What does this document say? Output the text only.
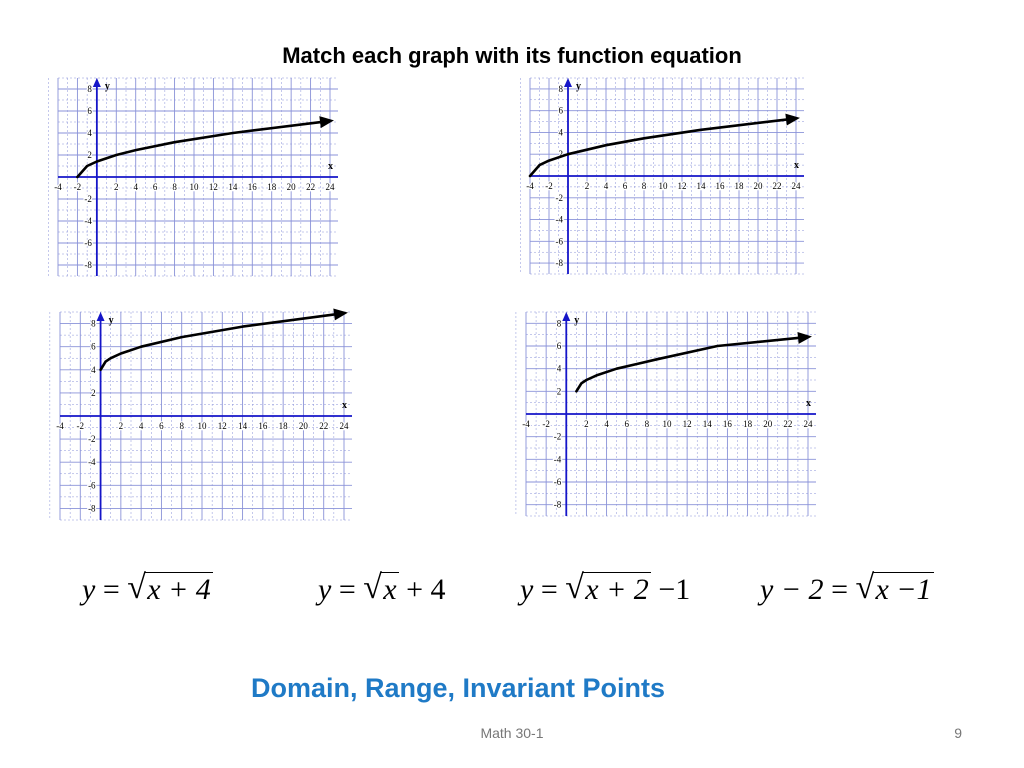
Match each graph with its function equation
x
y
-4 -2	2 4 6 8 10 12 14 16 18 20 22 24
8
6
4
2
-2
-4
-6
-8
x
y
-4 -2	2 4 6 8 10 12 14 16 18 20 22 24
8
6
4
2
-2
-4
-6
-8
x
y
-4 -2	2 4 6 8 10 12 14 16 18 20 22 24
8
6
4
2
-2
-4
-6
-8
x
y
-4 -2	2 4 6 8 10 12 14 16 18 20 22 24
8
6
4
2
-2
-4
-6
-8
y = √ x + 4	y = √ x + 4 y = √ x + 2 −1 y − 2 = √ x −1
Domain, Range, Invariant Points
Math 30-1	9
